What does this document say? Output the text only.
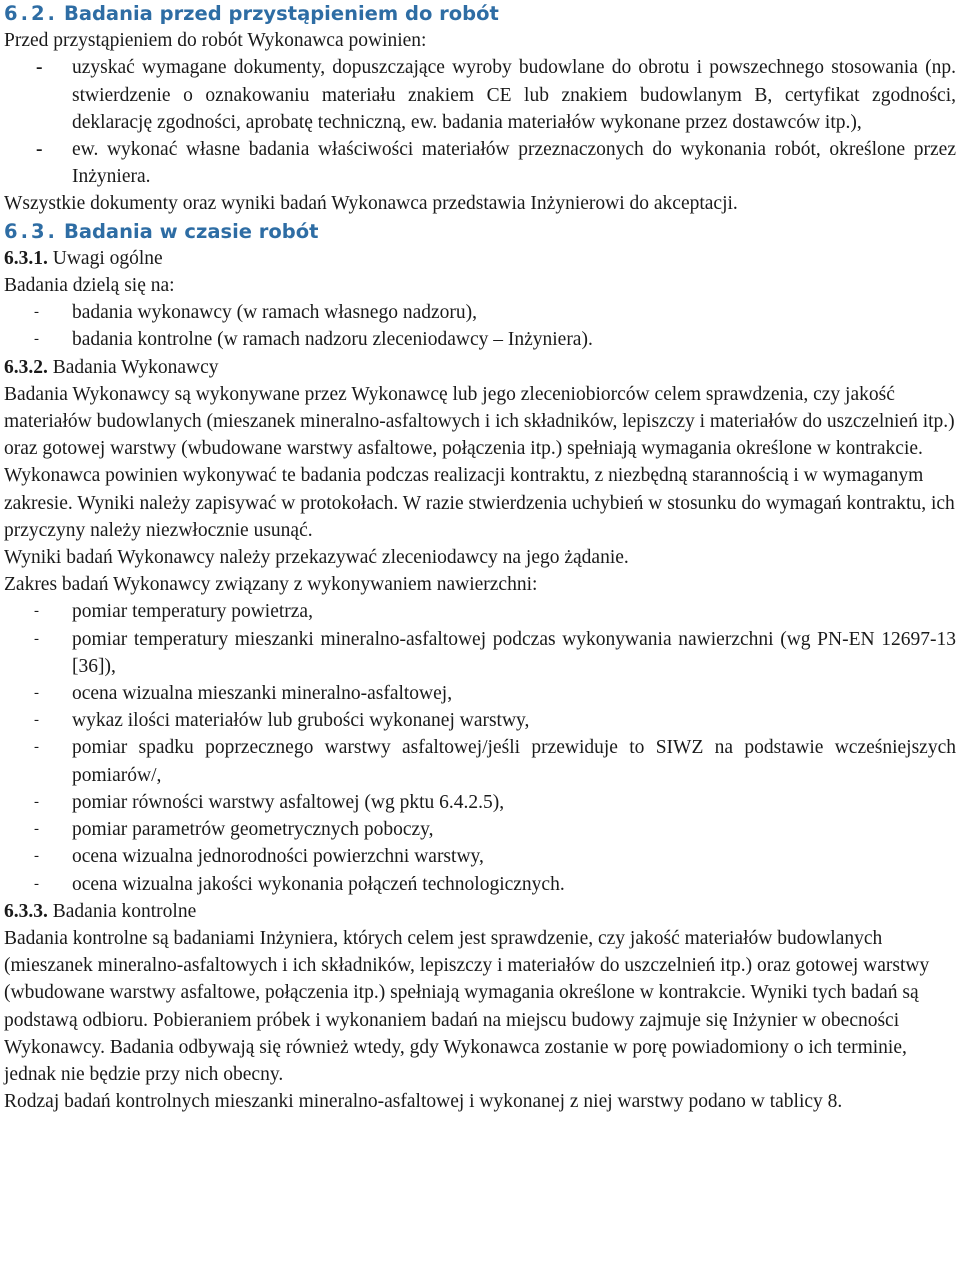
6.2. Badania przed przystąpieniem do robót

Przed przystąpieniem do robót Wykonawca powinien:

- uzyskać wymagane dokumenty, dopuszczające wyroby budowlane do obrotu i powszechnego stosowania (np. stwierdzenie o oznakowaniu materiału znakiem CE lub znakiem budowlanym B, certyfikat zgodności, deklarację zgodności, aprobatę techniczną, ew. badania materiałów wykonane przez dostawców itp.),
- ew. wykonać własne badania właściwości materiałów przeznaczonych do wykonania robót, określone przez Inżyniera.

Wszystkie dokumenty oraz wyniki badań Wykonawca przedstawia Inżynierowi do akceptacji.

6.3. Badania w czasie robót

6.3.1. Uwagi ogólne

Badania dzielą się na:

- badania wykonawcy (w ramach własnego nadzoru),
- badania kontrolne (w ramach nadzoru zleceniodawcy – Inżyniera).

6.3.2. Badania Wykonawcy

Badania Wykonawcy są wykonywane przez Wykonawcę lub jego zleceniobiorców celem sprawdzenia, czy jakość materiałów budowlanych (mieszanek mineralno-asfaltowych i ich składników, lepiszczy i materiałów do uszczelnień itp.) oraz gotowej warstwy (wbudowane warstwy asfaltowe, połączenia itp.) spełniają wymagania określone w kontrakcie.

Wykonawca powinien wykonywać te badania podczas realizacji kontraktu, z niezbędną starannością i w wymaganym zakresie. Wyniki należy zapisywać w protokołach. W razie stwierdzenia uchybień w stosunku do wymagań kontraktu, ich przyczyny należy niezwłocznie usunąć.

Wyniki badań Wykonawcy należy przekazywać zleceniodawcy na jego żądanie.

Zakres badań Wykonawcy związany z wykonywaniem nawierzchni:

- pomiar temperatury powietrza,
- pomiar temperatury mieszanki mineralno-asfaltowej podczas wykonywania nawierzchni (wg PN-EN 12697-13 [36]),
- ocena wizualna mieszanki mineralno-asfaltowej,
- wykaz ilości materiałów lub grubości wykonanej warstwy,
- pomiar spadku poprzecznego warstwy asfaltowej/jeśli przewiduje to SIWZ na podstawie wcześniejszych pomiarów/,
- pomiar równości warstwy asfaltowej (wg pktu 6.4.2.5),
- pomiar parametrów geometrycznych poboczy,
- ocena wizualna jednorodności powierzchni warstwy,
- ocena wizualna jakości wykonania połączeń technologicznych.

6.3.3. Badania kontrolne

Badania kontrolne są badaniami Inżyniera, których celem jest sprawdzenie, czy jakość materiałów budowlanych (mieszanek mineralno-asfaltowych i ich składników, lepiszczy i materiałów do uszczelnień itp.) oraz gotowej warstwy (wbudowane warstwy asfaltowe, połączenia itp.) spełniają wymagania określone w kontrakcie. Wyniki tych badań są podstawą odbioru. Pobieraniem próbek i wykonaniem badań na miejscu budowy zajmuje się Inżynier w obecności Wykonawcy. Badania odbywają się również wtedy, gdy Wykonawca zostanie w porę powiadomiony o ich terminie, jednak nie będzie przy nich obecny.

Rodzaj badań kontrolnych mieszanki mineralno-asfaltowej i wykonanej z niej warstwy podano w tablicy 8.
